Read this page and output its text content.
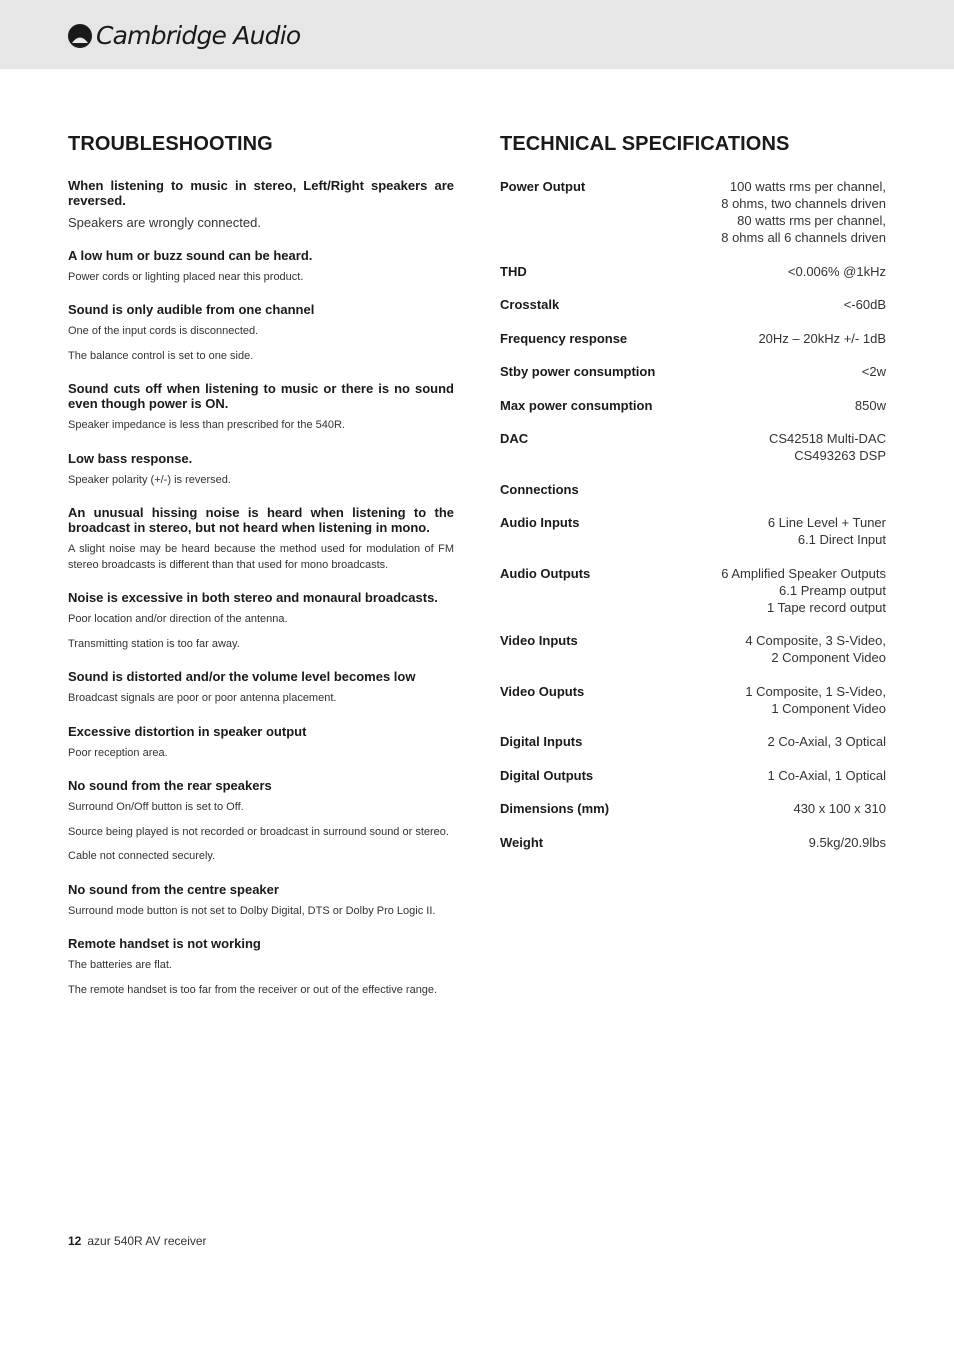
Cambridge Audio
TROUBLESHOOTING
When listening to music in stereo, Left/Right speakers are reversed.
Speakers are wrongly connected.
A low hum or buzz sound can be heard.
Power cords or lighting placed near this product.
Sound is only audible from one channel
One of the input cords is disconnected.
The balance control is set to one side.
Sound cuts off when listening to music or there is no sound even though power is ON.
Speaker impedance is less than prescribed for the 540R.
Low bass response.
Speaker polarity (+/-) is reversed.
An unusual hissing noise is heard when listening to the broadcast in stereo, but not heard when listening in mono.
A slight noise may be heard because the method used for modulation of FM stereo broadcasts is different than that used for mono broadcasts.
Noise is excessive in both stereo and monaural broadcasts.
Poor location and/or direction of the antenna.
Transmitting station is too far away.
Sound is distorted and/or the volume level becomes low
Broadcast signals are poor or poor antenna placement.
Excessive distortion in speaker output
Poor reception area.
No sound from the rear speakers
Surround On/Off button is set to Off.
Source being played is not recorded or broadcast in surround sound or stereo.
Cable not connected securely.
No sound from the centre speaker
Surround mode button is not set to Dolby Digital, DTS or Dolby Pro Logic II.
Remote handset is not working
The batteries are flat.
The remote handset is too far from the receiver or out of the effective range.
TECHNICAL SPECIFICATIONS
Power Output	100 watts rms per channel,
8 ohms, two channels driven
80 watts rms per channel,
8 ohms all 6 channels driven
THD	<0.006% @1kHz
Crosstalk	<-60dB
Frequency response	20Hz – 20kHz +/- 1dB
Stby power consumption	<2w
Max power consumption	850w
DAC	CS42518 Multi-DAC
CS493263 DSP
Connections
Audio Inputs	6 Line Level + Tuner
6.1 Direct Input
Audio Outputs	6 Amplified Speaker Outputs
6.1 Preamp output
1 Tape record output
Video Inputs	4 Composite, 3 S-Video,
2 Component Video
Video Ouputs	1 Composite, 1 S-Video,
1 Component Video
Digital Inputs	2 Co-Axial, 3 Optical
Digital Outputs	1 Co-Axial, 1 Optical
Dimensions (mm)	430 x 100 x 310
Weight	9.5kg/20.9lbs
12 azur 540R AV receiver
